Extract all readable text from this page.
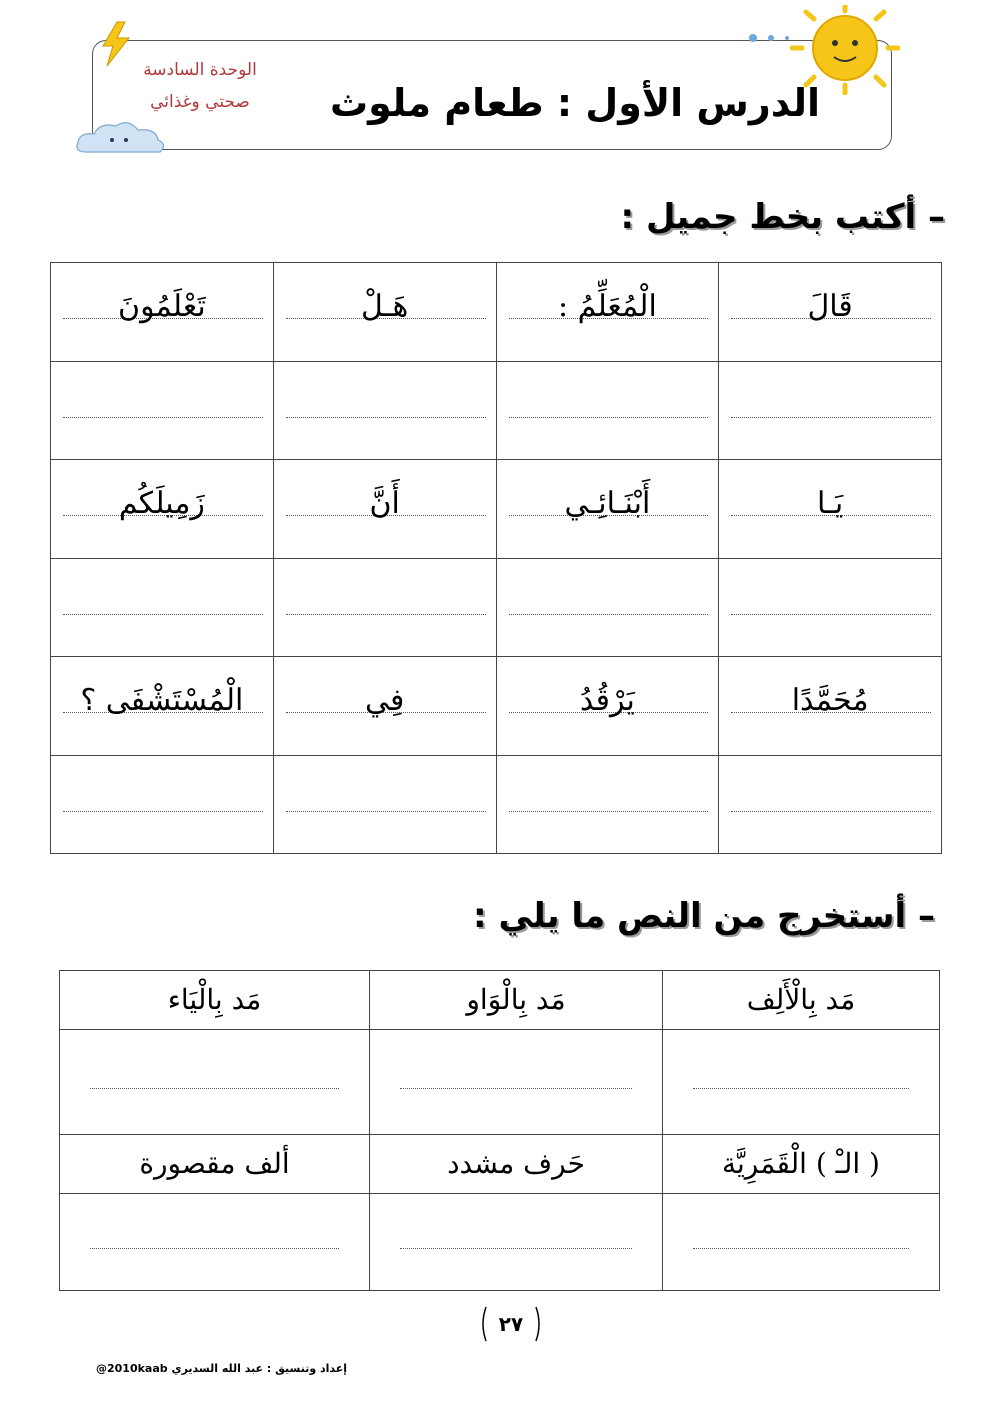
الوحدة السادسة
صحتي وغذائي	الدرس الأول : طعام ملوث
– أكتب بخط جميل :
قَالَ	الْمُعَلِّمُ :	هَـلْ	تَعْلَمُونَ

يَـا	أَبْنَـائِـي	أَنَّ	زَمِيلَكُم

مُحَمَّدًا	يَرْقُدُ	فِي	الْمُسْتَشْفَى ؟

– أستخرج من النص ما يلي :
مَد بِالْأَلِف	مَد بِالْوَاو	مَد بِالْيَاء

( الـْ ) الْقَمَرِيَّة	حَرف مشدد	ألف مقصورة

٢٧
إعداد وتنسيق : عبد الله السديري 2010kaab@
